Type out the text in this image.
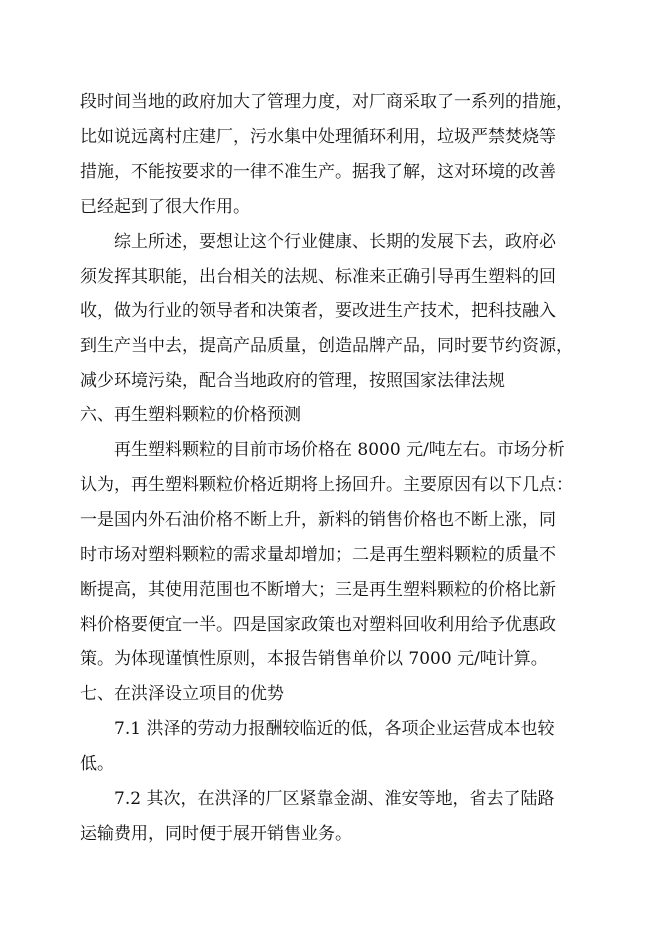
段时间当地的政府加大了管理力度，对厂商采取了一系列的措施，
比如说远离村庄建厂，污水集中处理循环利用，垃圾严禁焚烧等
措施，不能按要求的一律不准生产。据我了解，这对环境的改善
已经起到了很大作用。
综上所述，要想让这个行业健康、长期的发展下去，政府必
须发挥其职能，出台相关的法规、标准来正确引导再生塑料的回
收，做为行业的领导者和决策者，要改进生产技术，把科技融入
到生产当中去，提高产品质量，创造品牌产品，同时要节约资源，
减少环境污染，配合当地政府的管理，按照国家法律法规
六、再生塑料颗粒的价格预测
再生塑料颗粒的目前市场价格在 8000 元/吨左右。市场分析
认为，再生塑料颗粒价格近期将上扬回升。主要原因有以下几点：
一是国内外石油价格不断上升，新料的销售价格也不断上涨，同
时市场对塑料颗粒的需求量却增加；二是再生塑料颗粒的质量不
断提高，其使用范围也不断增大；三是再生塑料颗粒的价格比新
料价格要便宜一半。四是国家政策也对塑料回收利用给予优惠政
策。为体现谨慎性原则，本报告销售单价以 7000 元/吨计算。
七、在洪泽设立项目的优势
7.1 洪泽的劳动力报酬较临近的低，各项企业运营成本也较
低。
7.2 其次，在洪泽的厂区紧靠金湖、淮安等地，省去了陆路
运输费用，同时便于展开销售业务。
